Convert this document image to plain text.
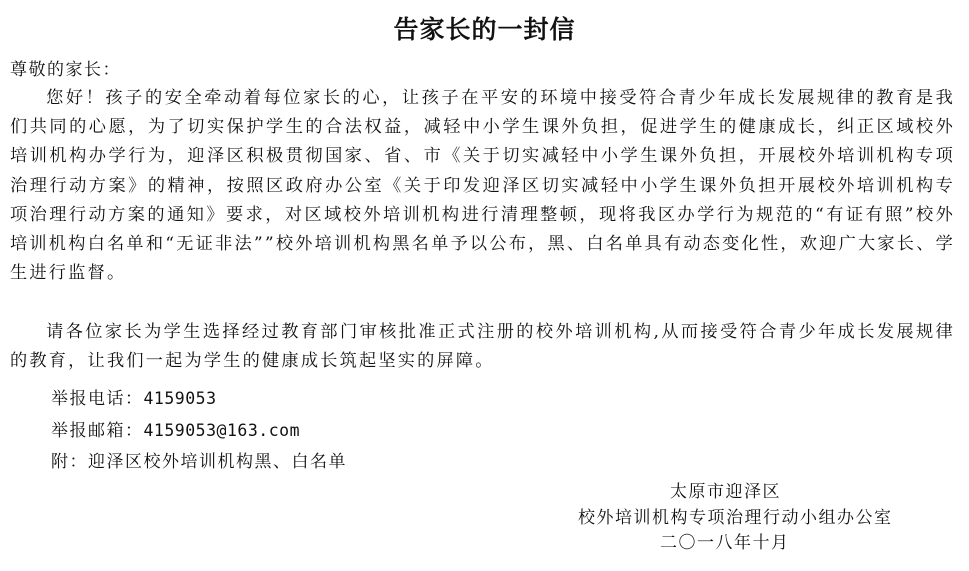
告家长的一封信
尊敬的家长：
您好！孩子的安全牵动着每位家长的心，让孩子在平安的环境中接受符合青少年成长发展规律的教育是我们共同的心愿，为了切实保护学生的合法权益，减轻中小学生课外负担，促进学生的健康成长，纠正区域校外培训机构办学行为，迎泽区积极贯彻国家、省、市《关于切实减轻中小学生课外负担，开展校外培训机构专项治理行动方案》的精神，按照区政府办公室《关于印发迎泽区切实减轻中小学生课外负担开展校外培训机构专项治理行动方案的通知》要求，对区域校外培训机构进行清理整顿，现将我区办学行为规范的“有证有照”校外培训机构白名单和“无证非法””校外培训机构黑名单予以公布，黑、白名单具有动态变化性，欢迎广大家长、学生进行监督。
请各位家长为学生选择经过教育部门审核批准正式注册的校外培训机构,从而接受符合青少年成长发展规律的教育，让我们一起为学生的健康成长筑起坚实的屏障。
举报电话：4159053
举报邮箱：4159053@163.com
附：迎泽区校外培训机构黑、白名单
太原市迎泽区
校外培训机构专项治理行动小组办公室
二〇一八年十月
